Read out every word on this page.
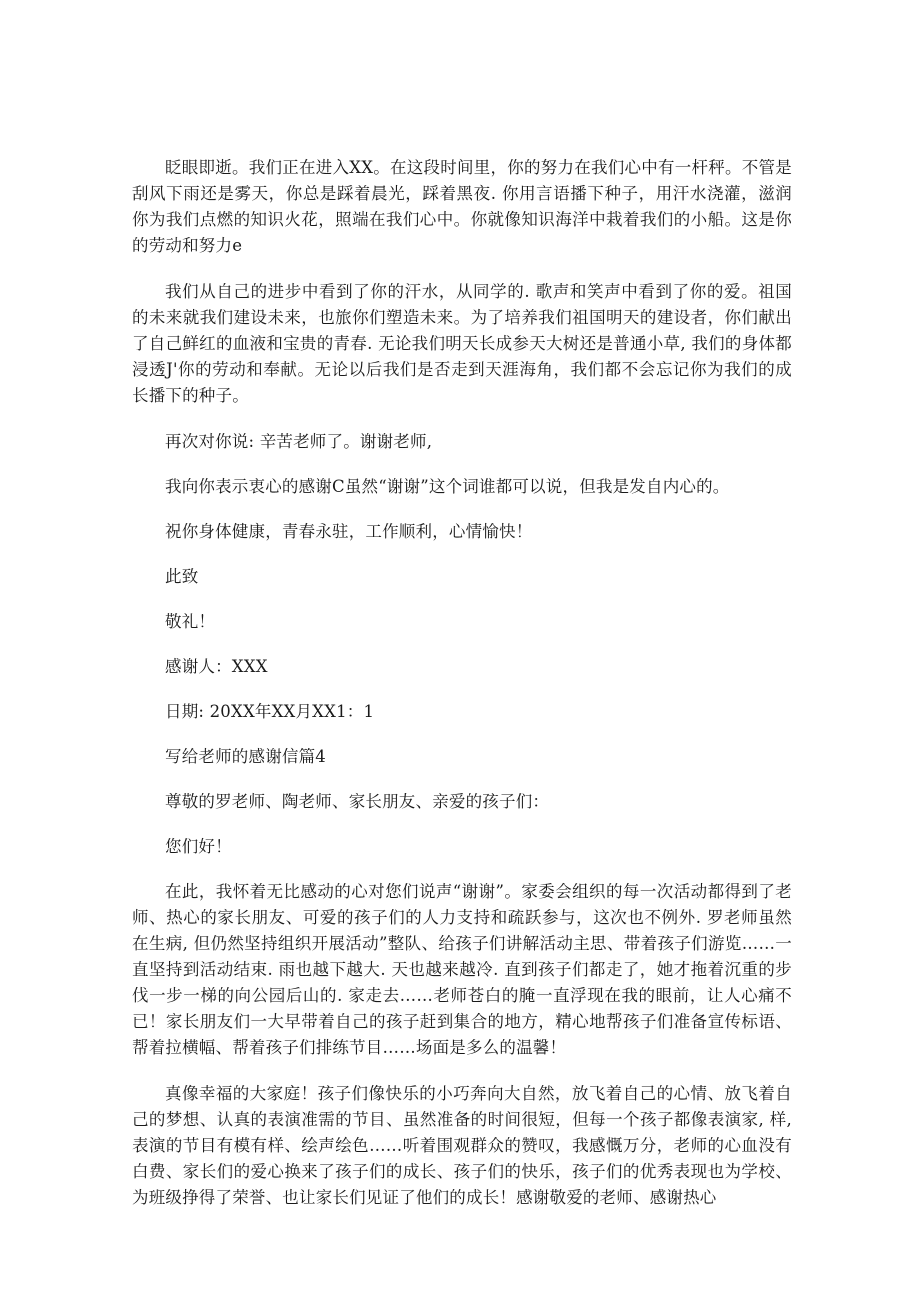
眨眼即逝。我们正在进入XX。在这段时间里，你的努力在我们心中有一杆秤。不管是刮风下雨还是雾天，你总是踩着晨光，踩着黑夜. 你用言语播下种子，用汗水浇灌，滋润你为我们点燃的知识火花，照端在我们心中。你就像知识海洋中栽着我们的小船。这是你的劳动和努力e

我们从自己的进步中看到了你的汗水，从同学的. 歌声和笑声中看到了你的爱。祖国的未来就我们建设未来，也旅你们塑造未来。为了培养我们祖国明天的建设者，你们献出了自己鲜红的血液和宝贵的青春. 无论我们明天长成参天大树还是普通小草, 我们的身体都浸透J'你的劳动和奉献。无论以后我们是否走到天涯海角，我们都不会忘记你为我们的成长播下的种子。

再次对你说: 辛苦老师了。谢谢老师,

我向你表示衷心的感谢C虽然“谢谢”这个词谁都可以说，但我是发自内心的。

祝你身体健康，青春永驻，工作顺利，心情愉快！

此致

敬礼！

感谢人：XXX

日期: 20XX年XX月XX1：1

写给老师的感谢信篇4

尊敬的罗老师、陶老师、家长朋友、亲爱的孩子们：

您们好！

在此，我怀着无比感动的心对您们说声“谢谢”。家委会组织的每一次活动都得到了老师、热心的家长朋友、可爱的孩子们的人力支持和疏跃参与，这次也不例外. 罗老师虽然在生病, 但仍然坚持组织开展活动”整队、给孩子们讲解活动主思、带着孩子们游览……一直坚持到活动结束. 雨也越下越大. 天也越来越冷. 直到孩子们都走了，她才拖着沉重的步伐一步一梯的向公园后山的. 家走去……老师苍白的腌一直浮现在我的眼前，让人心痛不已！家长朋友们一大早带着自己的孩子赶到集合的地方，精心地帮孩子们准备宣传标语、帮着拉横幅、帮着孩子们排练节目……场面是多么的温馨！

真像幸福的大家庭！孩子们像快乐的小巧奔向大自然，放飞着自己的心情、放飞着自己的梦想、认真的表演准需的节目、虽然准备的时间很短，但每一个孩子都像表演家, 样, 表演的节目有模有样、绘声绘色……听着围观群众的赞叹，我感慨万分，老师的心血没有白费、家长们的爱心换来了孩子们的成长、孩子们的快乐，孩子们的优秀表现也为学校、为班级挣得了荣誉、也让家长们见证了他们的成长！感谢敬爱的老师、感谢热心
